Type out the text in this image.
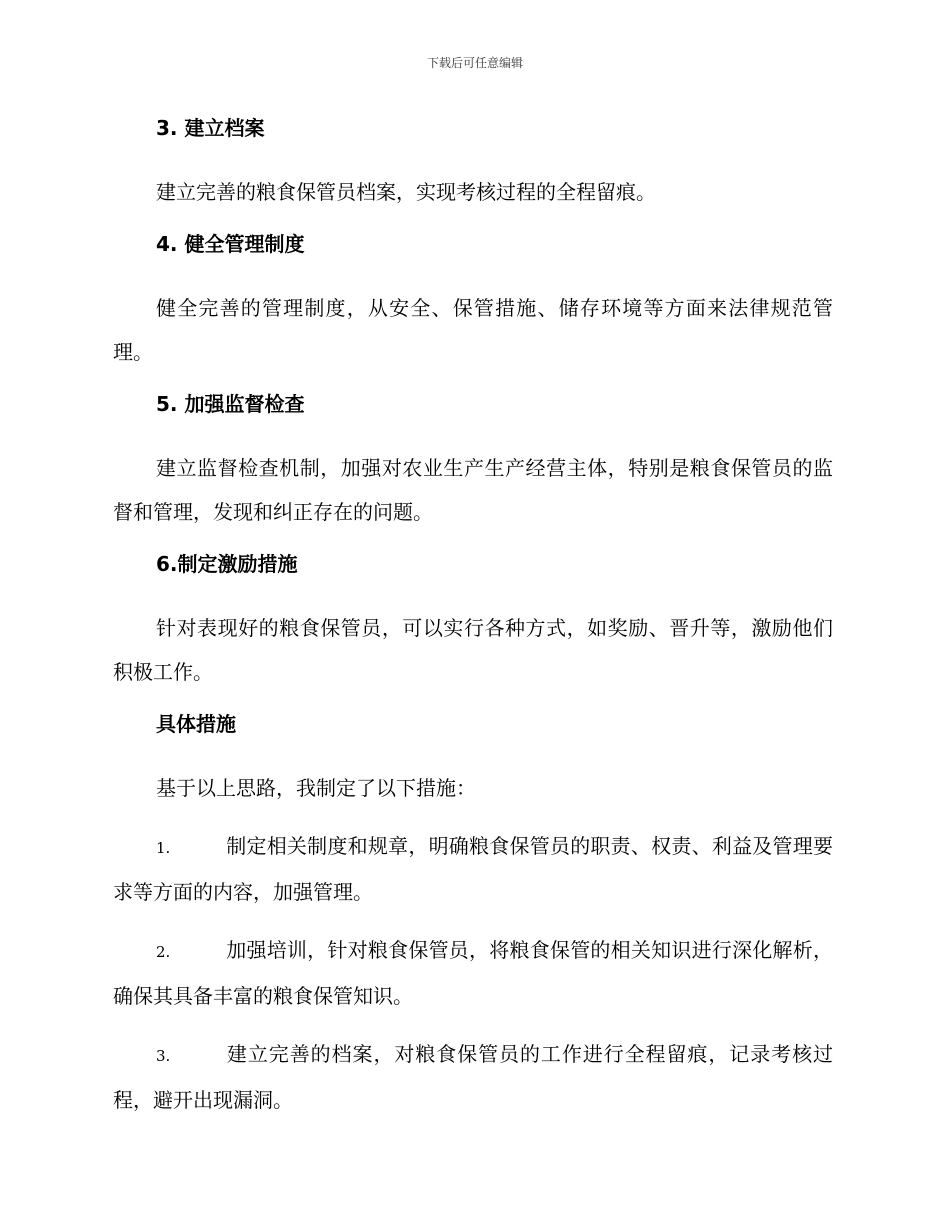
下载后可任意编辑
3. 建立档案
建立完善的粮食保管员档案，实现考核过程的全程留痕。
4. 健全管理制度
健全完善的管理制度，从安全、保管措施、储存环境等方面来法律规范管理。
5. 加强监督检查
建立监督检查机制，加强对农业生产生产经营主体，特别是粮食保管员的监督和管理，发现和纠正存在的问题。
6.制定激励措施
针对表现好的粮食保管员，可以实行各种方式，如奖励、晋升等，激励他们积极工作。
具体措施
基于以上思路，我制定了以下措施：
1.	制定相关制度和规章，明确粮食保管员的职责、权责、利益及管理要求等方面的内容，加强管理。
2.	加强培训，针对粮食保管员，将粮食保管的相关知识进行深化解析，确保其具备丰富的粮食保管知识。
3.	建立完善的档案，对粮食保管员的工作进行全程留痕，记录考核过程，避开出现漏洞。
